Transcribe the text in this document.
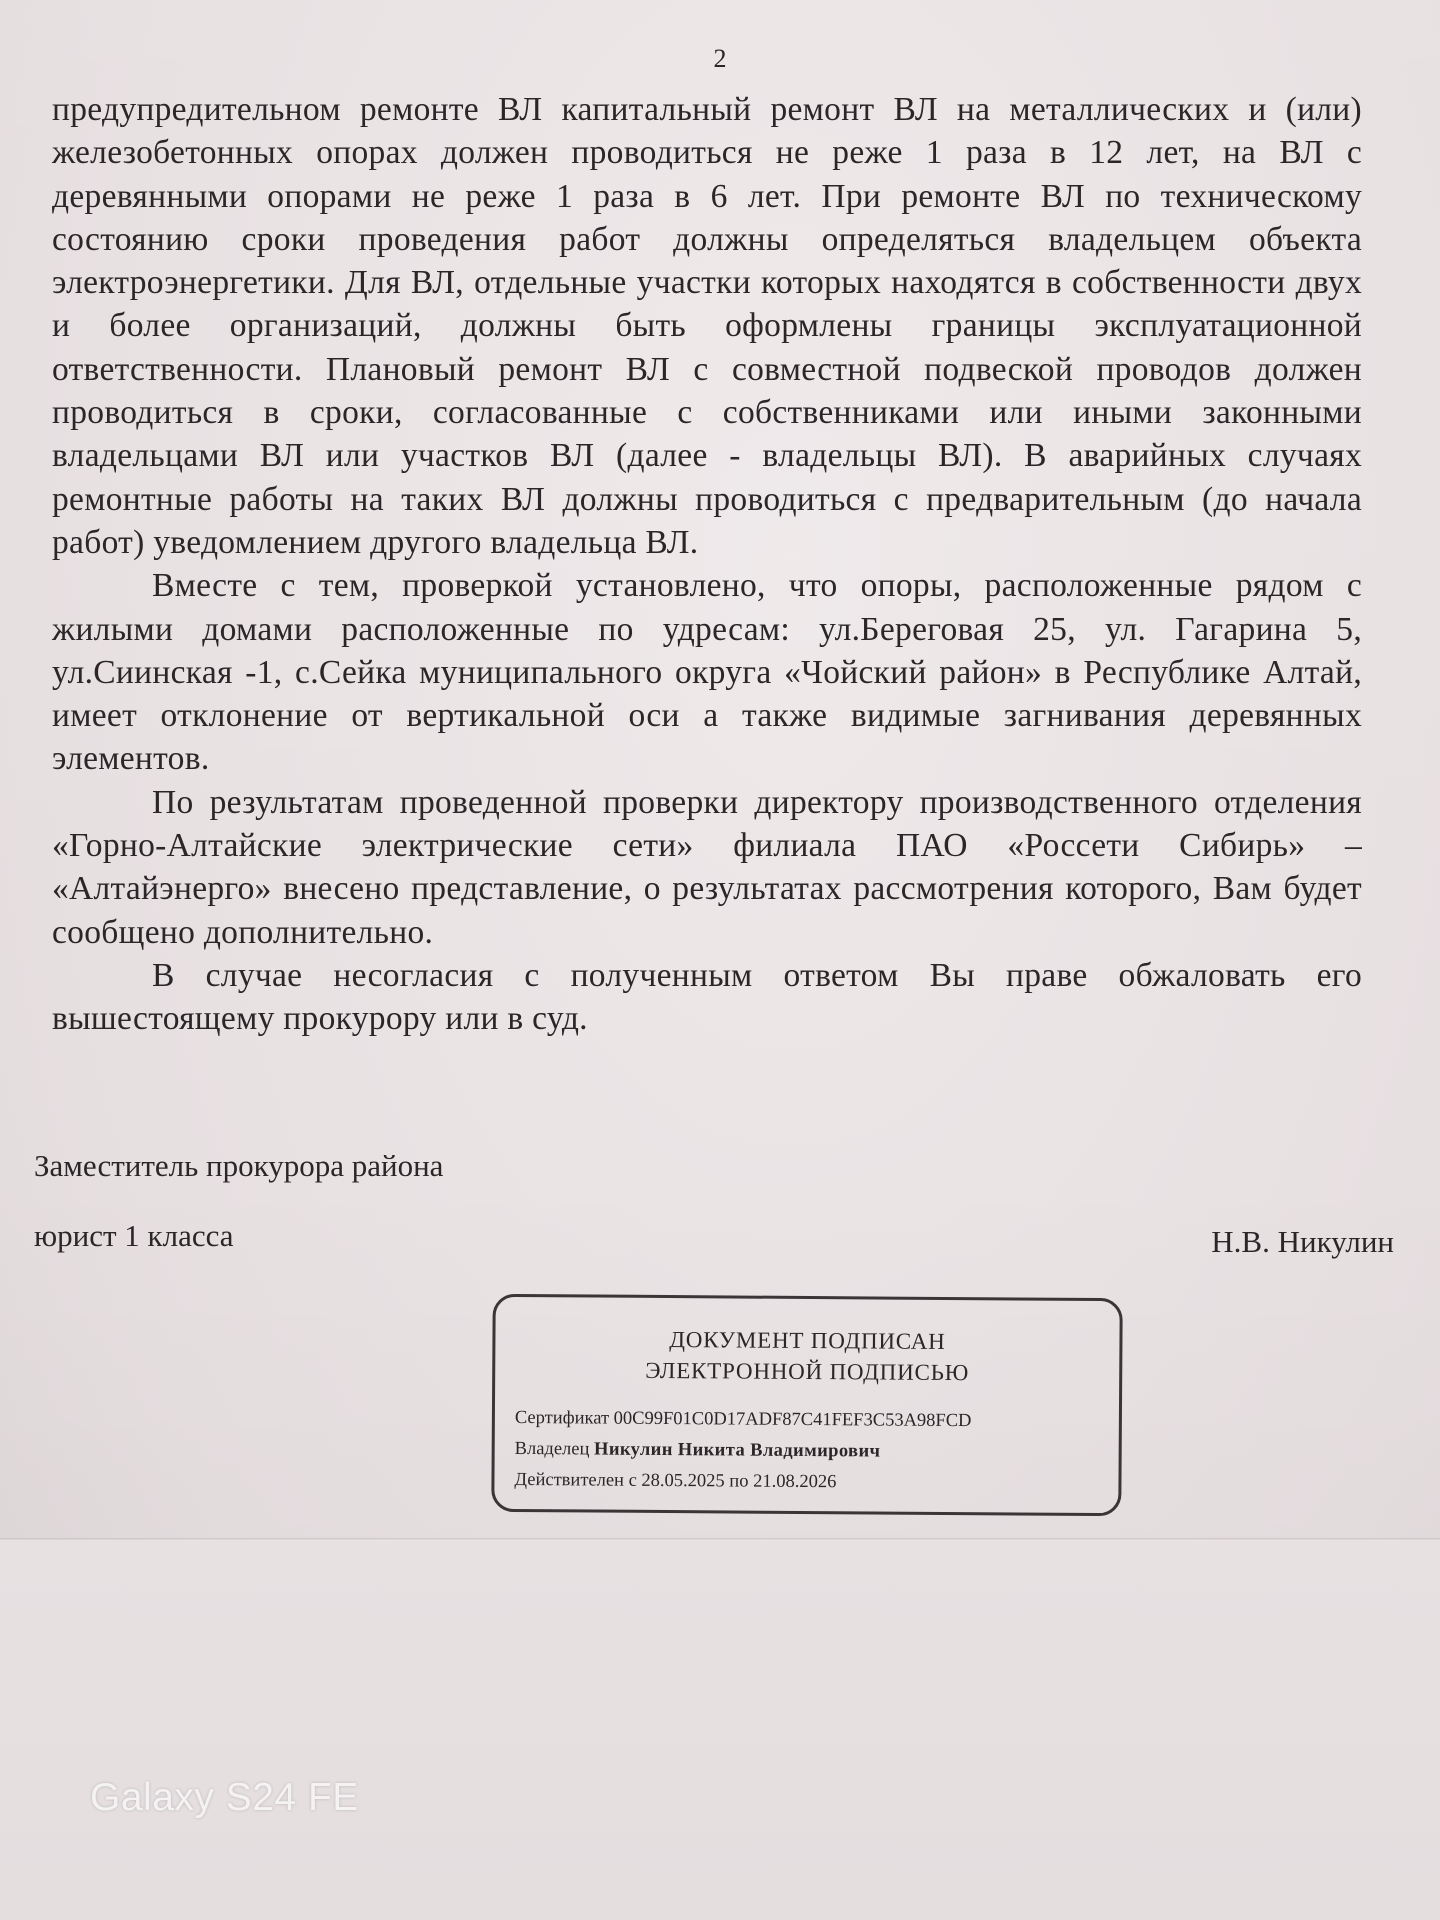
2

предупредительном ремонте ВЛ капитальный ремонт ВЛ на металлических и (или) железобетонных опорах должен проводиться не реже 1 раза в 12 лет, на ВЛ с деревянными опорами не реже 1 раза в 6 лет. При ремонте ВЛ по техническому состоянию сроки проведения работ должны определяться владельцем объекта электроэнергетики. Для ВЛ, отдельные участки которых находятся в собственности двух и более организаций, должны быть оформлены границы эксплуатационной ответственности. Плановый ремонт ВЛ с совместной подвеской проводов должен проводиться в сроки, согласованные с собственниками или иными законными владельцами ВЛ или участков ВЛ (далее - владельцы ВЛ). В аварийных случаях ремонтные работы на таких ВЛ должны проводиться с предварительным (до начала работ) уведомлением другого владельца ВЛ.

Вместе с тем, проверкой установлено, что опоры, расположенные рядом с жилыми домами расположенные по удресам: ул.Береговая 25, ул. Гагарина 5, ул.Сиинская -1, с.Сейка муниципального округа «Чойский район» в Республике Алтай, имеет отклонение от вертикальной оси а также видимые загнивания деревянных элементов.

По результатам проведенной проверки директору производственного отделения «Горно-Алтайские электрические сети» филиала ПАО «Россети Сибирь» – «Алтайэнерго» внесено представление, о результатах рассмотрения которого, Вам будет сообщено дополнительно.

В случае несогласия с полученным ответом Вы праве обжаловать его вышестоящему прокурору или в суд.

Заместитель прокурора района
юрист 1 класса	Н.В. Никулин
ДОКУМЕНТ ПОДПИСАН
ЭЛЕКТРОННОЙ ПОДПИСЬЮ
Сертификат 00C99F01C0D17ADF87C41FEF3C53A98FCD
Владелец Никулин Никита Владимирович
Действителен с 28.05.2025 по 21.08.2026
Galaxy S24 FE
